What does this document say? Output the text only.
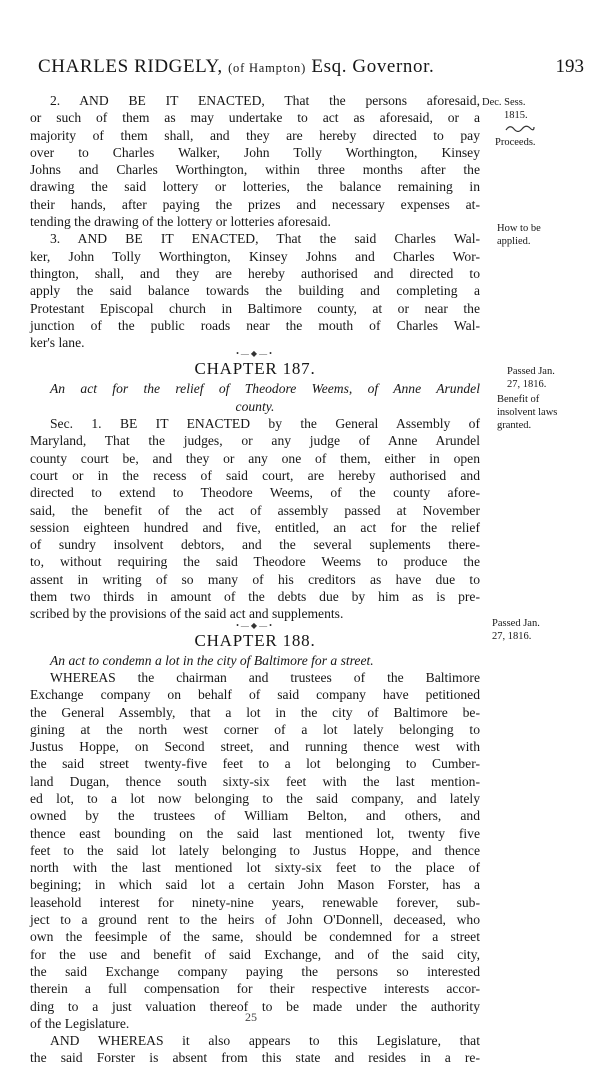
CHARLES RIDGELY, (of Hampton) Esq. Governor.	193
2. AND BE IT ENACTED, That the persons aforesaid,
or such of them as may undertake to act as aforesaid, or a
majority of them shall, and they are hereby directed to pay
over to Charles Walker, John Tolly Worthington, Kinsey
Johns and Charles Worthington, within three months after the
drawing the said lottery or lotteries, the balance remaining in
their hands, after paying the prizes and necessary expenses at-
tending the drawing of the lottery or lotteries aforesaid.
3. AND BE IT ENACTED, That the said Charles Wal-
ker, John Tolly Worthington, Kinsey Johns and Charles Wor-
thington, shall, and they are hereby authorised and directed to
apply the said balance towards the building and completing a
Protestant Episcopal church in Baltimore county, at or near the
junction of the public roads near the mouth of Charles Wal-
ker's lane.
•—◆—•
CHAPTER 187.
An act for the relief of Theodore Weems, of Anne Arundel
county.
Sec. 1. BE IT ENACTED by the General Assembly of
Maryland, That the judges, or any judge of Anne Arundel
county court be, and they or any one of them, either in open
court or in the recess of said court, are hereby authorised and
directed to extend to Theodore Weems, of the county afore-
said, the benefit of the act of assembly passed at November
session eighteen hundred and five, entitled, an act for the relief
of sundry insolvent debtors, and the several suplements there-
to, without requiring the said Theodore Weems to produce the
assent in writing of so many of his creditors as have due to
them two thirds in amount of the debts due by him as is pre-
scribed by the provisions of the said act and supplements.
•—◆—•
CHAPTER 188.
An act to condemn a lot in the city of Baltimore for a street.
WHEREAS the chairman and trustees of the Baltimore
Exchange company on behalf of said company have petitioned
the General Assembly, that a lot in the city of Baltimore be-
gining at the north west corner of a lot lately belonging to
Justus Hoppe, on Second street, and running thence west with
the said street twenty-five feet to a lot belonging to Cumber-
land Dugan, thence south sixty-six feet with the last mention-
ed lot, to a lot now belonging to the said company, and lately
owned by the trustees of William Belton, and others, and
thence east bounding on the said last mentioned lot, twenty five
feet to the said lot lately belonging to Justus Hoppe, and thence
north with the last mentioned lot sixty-six feet to the place of
begining; in which said lot a certain John Mason Forster, has a
leasehold interest for ninety-nine years, renewable forever, sub-
ject to a ground rent to the heirs of John O'Donnell, deceased, who
own the feesimple of the same, should be condemned for a street
for the use and benefit of said Exchange, and of the said city,
the said Exchange company paying the persons so interested
therein a full compensation for their respective interests accor-
ding to a just valuation thereof to be made under the authority
of the Legislature.
AND WHEREAS it also appears to this Legislature, that
the said Forster is absent from this state and resides in a re-
Dec. Sess.
1815.
Proceeds.
How to be
applied.
Passed Jan.
27, 1816.
Benefit of
insolvent laws
granted.
Passed Jan.
27, 1816.
25
